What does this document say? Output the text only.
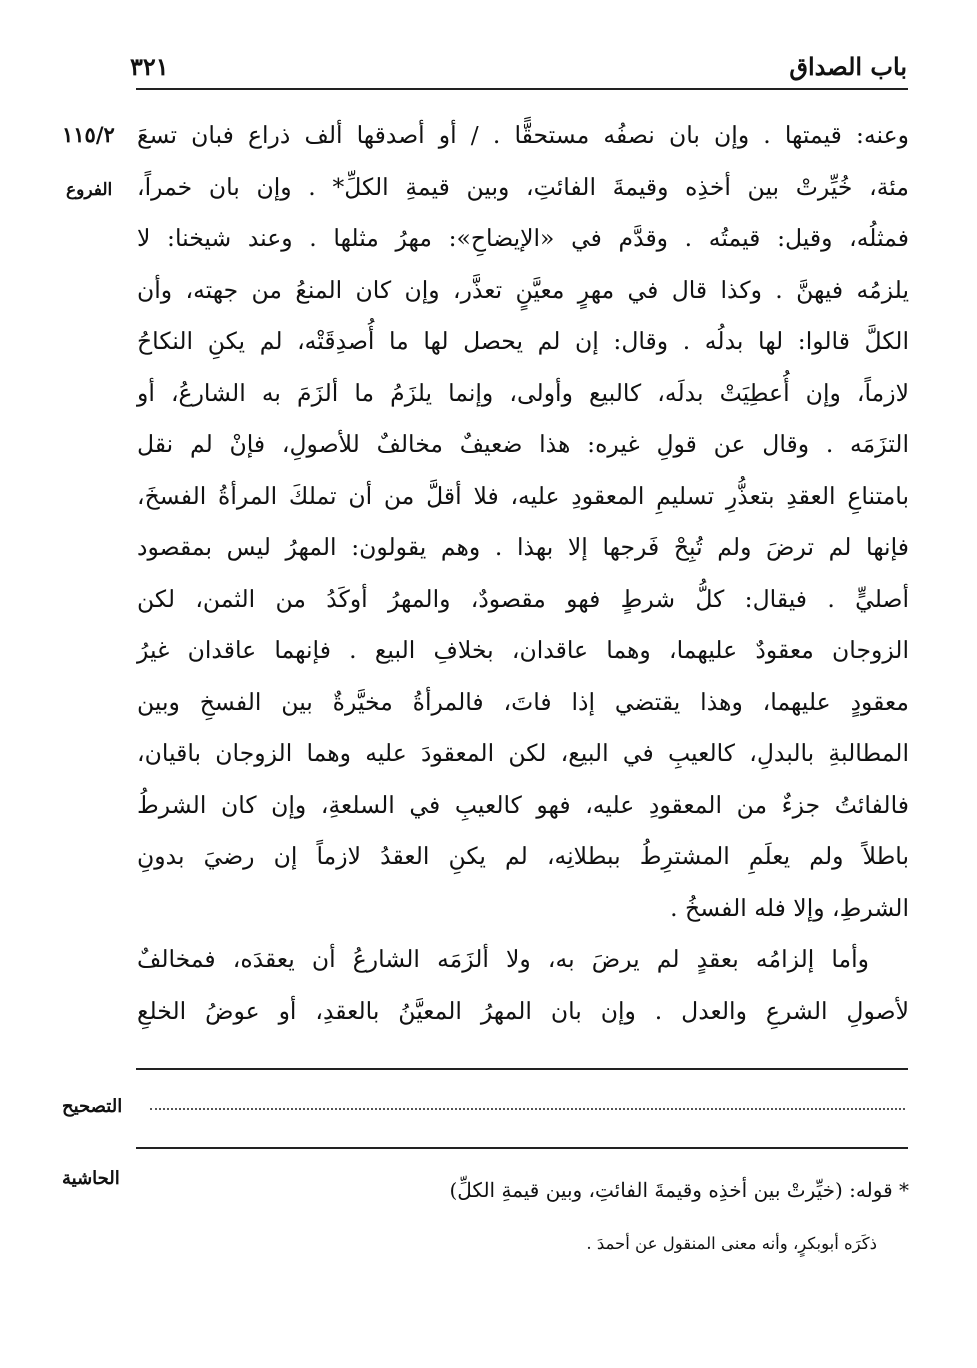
باب الصداق
٣٢١
١١٥/٢
الفروع
وعنه: قيمتها . وإن بان نصفُه مستحقًّا . / أو أصدقها ألف ذراع فبان تسعَ
مئة، خُيِّرتْ بين أخذِه وقيمةَ الفائتِ، وبين قيمةِ الكلِّ* . وإن بان خمراً،
فمثلُه، وقيل: قيمتُه . وقدَّم في «الإيضاحِ»: مهرُ مثلها . وعند شيخنا: لا
يلزمُه فيهنَّ . وكذا قال في مهرٍ معيَّنٍ تعذَّر، وإن كان المنعُ من جهته، وأن
الكلَّ قالوا: لها بدلُه . وقال: إن لم يحصل لها ما أُصدِقَتْه، لم يكنِ النكاحُ
لازماً، وإن أُعطِيَتْ بدلَه، كالبيع وأولى، وإنما يلزَمُ ما ألزَمَ به الشارعُ، أو
التزَمَه . وقال عن قولِ غيره: هذا ضعيفٌ مخالفٌ للأصولِ، فإنْ لم نقل
بامتناعِ العقدِ بتعذُّرِ تسليمِ المعقودِ عليه، فلا أقلَّ من أن تملكَ المرأةُ الفسخَ،
فإنها لم ترضَ ولم تُبِحْ فَرجها إلا بهذا . وهم يقولون: المهرُ ليس بمقصود
أصليٍّ . فيقال: كلُّ شرطٍ فهو مقصودٌ، والمهرُ أوكَدُ من الثمن، لكن
الزوجان معقودٌ عليهما، وهما عاقدان، بخلافِ البيع . فإنهما عاقدان غيرُ
معقودٍ عليهما، وهذا يقتضي إذا فاتَ، فالمرأةُ مخيَّرةٌ بين الفسخِ وبين
المطالبةِ بالبدلِ، كالعيبِ في البيع، لكن المعقودَ عليه وهما الزوجان باقيان،
فالفائتُ جزءٌ من المعقودِ عليه، فهو كالعيبِ في السلعةِ، وإن كان الشرطُ
باطلاً ولم يعلَمِ المشترِطُ ببطلانِه، لم يكنِ العقدُ لازماً إن رضيَ بدونِ
الشرطِ، وإلا فله الفسخُ .
وأما إلزامُه بعقدٍ لم يرضَ به، ولا ألزَمَه الشارعُ أن يعقدَه، فمخالفٌ
لأصولِ الشرعِ والعدل . وإن بان المهرُ المعيَّنُ بالعقدِ، أو عوضُ الخلعِ
التصحيح
الحاشية	* قوله: (خيِّرتْ بين أخذِه وقيمةَ الفائتِ، وبين قيمةِ الكلِّ)
ذكَرَه أبوبكرٍ، وأنه معنى المنقول عن أحمدَ .
